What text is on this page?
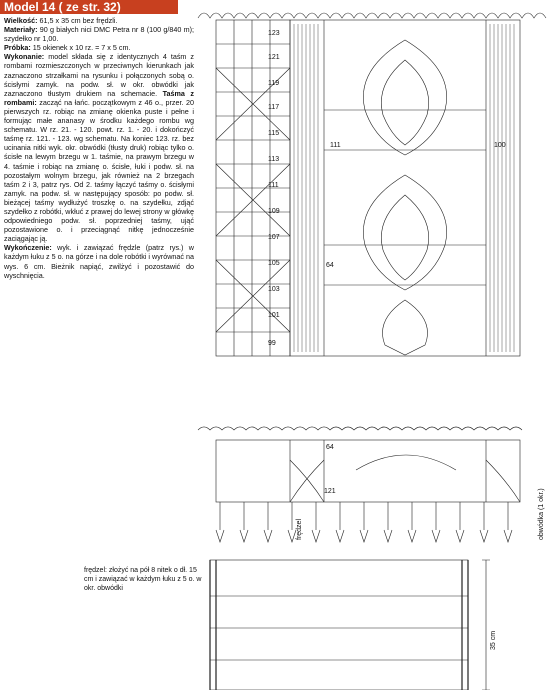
Model 14 ( ze str. 32)

Wielkość: 61,5 x 35 cm bez frędzli.

Materiały: 90 g białych nici DMC Petra nr 8 (100 g/840 m); szydełko nr 1,00.

Próbka: 15 okienek x 10 rz. = 7 x 5 cm.

Wykonanie: model składa się z identycznych 4 taśm z rombami rozmieszczonych w przeciwnych kierunkach jak zaznaczono strzałkami na rysunku i połączonych sobą o. ścisłymi zamyk. na podw. sł. w okr. obwódki jak zaznaczono tłustym drukiem na schemacie. Taśma z rombami: zacząć na łańc. początkowym z 46 o., przer. 20 pierwszych rz. robiąc na zmianę okienka puste i pełne i formując małe ananasy w środku każdego rombu wg schematu. W rz. 21. - 120. powt. rz. 1. - 20. i dokończyć taśmę rz. 121. - 123. wg schematu. Na koniec 123. rz. bez ucinania nitki wyk. okr. obwódki (tłusty druk) robiąc tylko o. ścisłe na lewym brzegu w 1. taśmie, na prawym brzegu w 4. taśmie i robiąc na zmianę o. ścisłe, łuki i podw. sł. na pozostałym wolnym brzegu, jak również na 2 brzegach taśm 2 i 3, patrz rys. Od 2. taśmy łączyć taśmy o. ścisłymi zamyk. na podw. sł. w następujący sposób: po podw. sł. bieżącej taśmy wydłużyć troszkę o. na szydełku, zdjąć szydełko z robótki, wkłuć z prawej do lewej strony w główkę odpowiedniego podw. sł. poprzedniej taśmy, ująć pozostawione o. i przeciągnąć nitkę jednocześnie zaciągając ją.

Wykończenie: wyk. i zawiązać frędzle (patrz rys.) w każdym łuku z 5 o. na górze i na dole robótki i wyrównać na wys. 6 cm. Bieżnik napiąć, zwilżyć i pozostawić do wyschnięcia.

123
121
119
117
115
113
111
109
107
105
103
101
99
111
64
100
64
121
frędzel	obwódka (1 okr.)
35 cm
frędzel: złożyć na pół 8 nitek o dł. 15 cm i zawiązać w każdym łuku z 5 o. w okr. obwódki
